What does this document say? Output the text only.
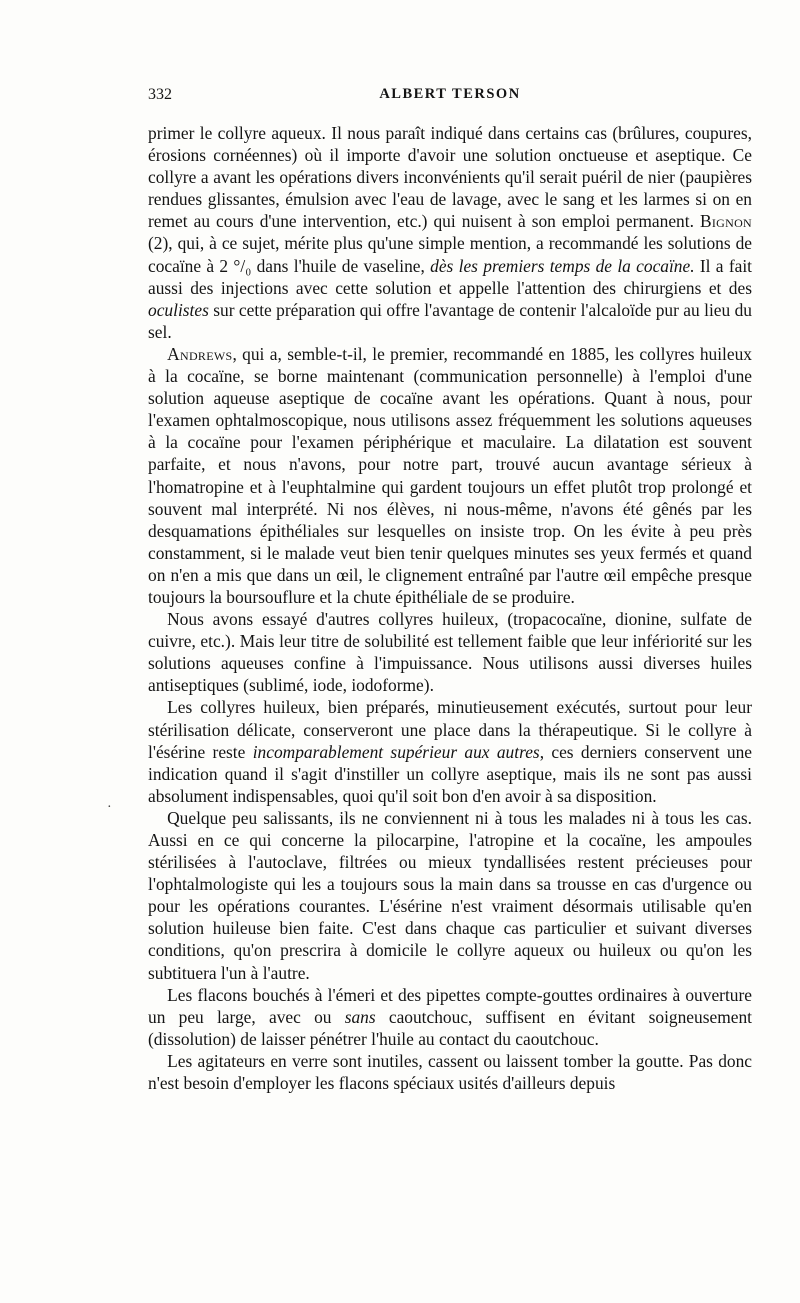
332	ALBERT TERSON
·

primer le collyre aqueux. Il nous paraît indiqué dans certains cas (brûlures, coupures, érosions cornéennes) où il importe d'avoir une solution onctueuse et aseptique. Ce collyre a avant les opérations divers inconvénients qu'il serait puéril de nier (paupières rendues glissantes, émulsion avec l'eau de lavage, avec le sang et les larmes si on en remet au cours d'une intervention, etc.) qui nuisent à son emploi permanent. Bignon (2), qui, à ce sujet, mérite plus qu'une simple mention, a recommandé les solutions de cocaïne à 2 °/₀ dans l'huile de vaseline, dès les premiers temps de la cocaïne. Il a fait aussi des injections avec cette solution et appelle l'attention des chirurgiens et des oculistes sur cette préparation qui offre l'avantage de contenir l'alcaloïde pur au lieu du sel.

Andrews, qui a, semble-t-il, le premier, recommandé en 1885, les collyres huileux à la cocaïne, se borne maintenant (communication personnelle) à l'emploi d'une solution aqueuse aseptique de cocaïne avant les opérations. Quant à nous, pour l'examen ophtalmoscopique, nous utilisons assez fréquemment les solutions aqueuses à la cocaïne pour l'examen périphérique et maculaire. La dilatation est souvent parfaite, et nous n'avons, pour notre part, trouvé aucun avantage sérieux à l'homatropine et à l'euphtalmine qui gardent toujours un effet plutôt trop prolongé et souvent mal interprété. Ni nos élèves, ni nous-même, n'avons été gênés par les desquamations épithéliales sur lesquelles on insiste trop. On les évite à peu près constamment, si le malade veut bien tenir quelques minutes ses yeux fermés et quand on n'en a mis que dans un œil, le clignement entraîné par l'autre œil empêche presque toujours la boursouflure et la chute épithéliale de se produire.

Nous avons essayé d'autres collyres huileux, (tropacocaïne, dionine, sulfate de cuivre, etc.). Mais leur titre de solubilité est tellement faible que leur infériorité sur les solutions aqueuses confine à l'impuissance. Nous utilisons aussi diverses huiles antiseptiques (sublimé, iode, iodoforme).

Les collyres huileux, bien préparés, minutieusement exécutés, surtout pour leur stérilisation délicate, conserveront une place dans la thérapeutique. Si le collyre à l'ésérine reste incomparablement supérieur aux autres, ces derniers conservent une indication quand il s'agit d'instiller un collyre aseptique, mais ils ne sont pas aussi absolument indispensables, quoi qu'il soit bon d'en avoir à sa disposition.

Quelque peu salissants, ils ne conviennent ni à tous les malades ni à tous les cas. Aussi en ce qui concerne la pilocarpine, l'atropine et la cocaïne, les ampoules stérilisées à l'autoclave, filtrées ou mieux tyndallisées restent précieuses pour l'ophtalmologiste qui les a toujours sous la main dans sa trousse en cas d'urgence ou pour les opérations courantes. L'ésérine n'est vraiment désormais utilisable qu'en solution huileuse bien faite. C'est dans chaque cas particulier et suivant diverses conditions, qu'on prescrira à domicile le collyre aqueux ou huileux ou qu'on les subtituera l'un à l'autre.

Les flacons bouchés à l'émeri et des pipettes compte-gouttes ordinaires à ouverture un peu large, avec ou sans caoutchouc, suffisent en évitant soigneusement (dissolution) de laisser pénétrer l'huile au contact du caoutchouc.

Les agitateurs en verre sont inutiles, cassent ou laissent tomber la goutte. Pas donc n'est besoin d'employer les flacons spéciaux usités d'ailleurs depuis
